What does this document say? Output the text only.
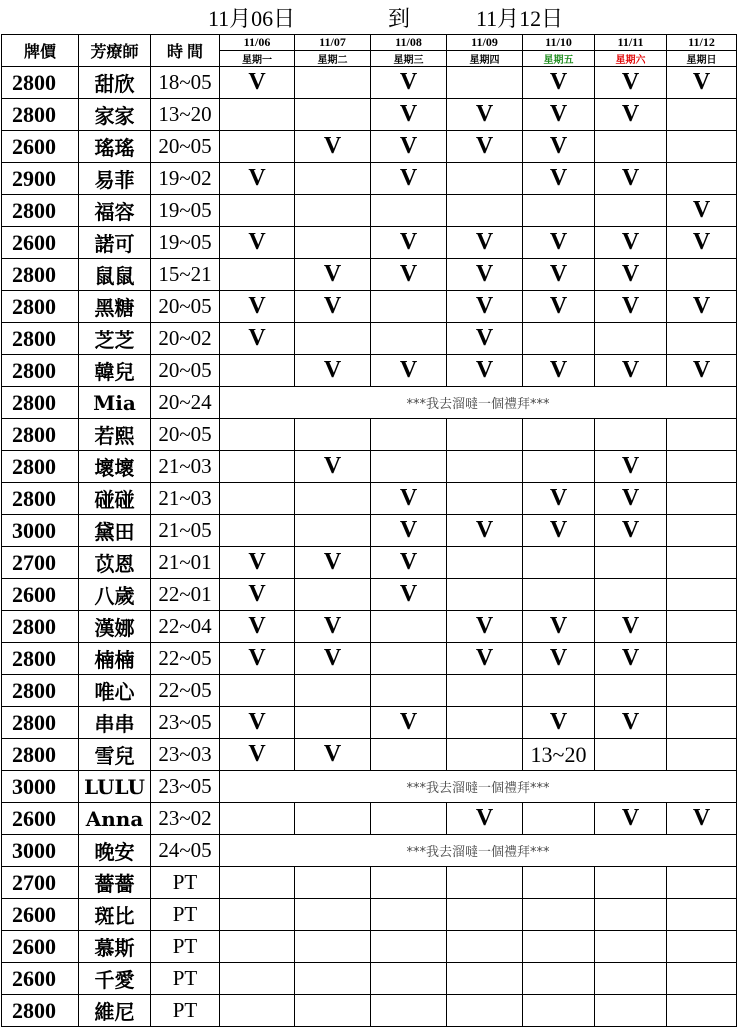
11月06日	到	11月12日
牌價	芳療師	時 間	11/06	11/07	11/08	11/09	11/10	11/11	11/12
			星期一	星期二	星期三	星期四	星期五	星期六	星期日
2800	甜欣	18~05	V		V		V	V	V
2800	家家	13~20			V	V	V	V	
2600	瑤瑤	20~05		V	V	V	V		
2900	易菲	19~02	V		V		V	V	
2800	福容	19~05							V
2600	諾可	19~05	V		V	V	V	V	V
2800	鼠鼠	15~21		V	V	V	V	V	
2800	黑糖	20~05	V	V		V	V	V	V
2800	芝芝	20~02	V			V			
2800	韓兒	20~05		V	V	V	V	V	V
2800	Mia	20~24	***我去溜噠一個禮拜***						
2800	若熙	20~05							
2800	壞壞	21~03		V				V	
2800	碰碰	21~03			V		V	V	
3000	黛田	21~05			V	V	V	V	
2700	苡恩	21~01	V	V	V				
2600	八歲	22~01	V		V				
2800	漢娜	22~04	V	V		V	V	V	
2800	楠楠	22~05	V	V		V	V	V	
2800	唯心	22~05							
2800	串串	23~05	V		V		V	V	
2800	雪兒	23~03	V	V			13~20		
3000	LULU	23~05	***我去溜噠一個禮拜***						
2600	Anna	23~02				V		V	V
3000	晚安	24~05	***我去溜噠一個禮拜***						
2700	薔薔	PT							
2600	斑比	PT							
2600	慕斯	PT							
2600	千愛	PT							
2800	維尼	PT							
